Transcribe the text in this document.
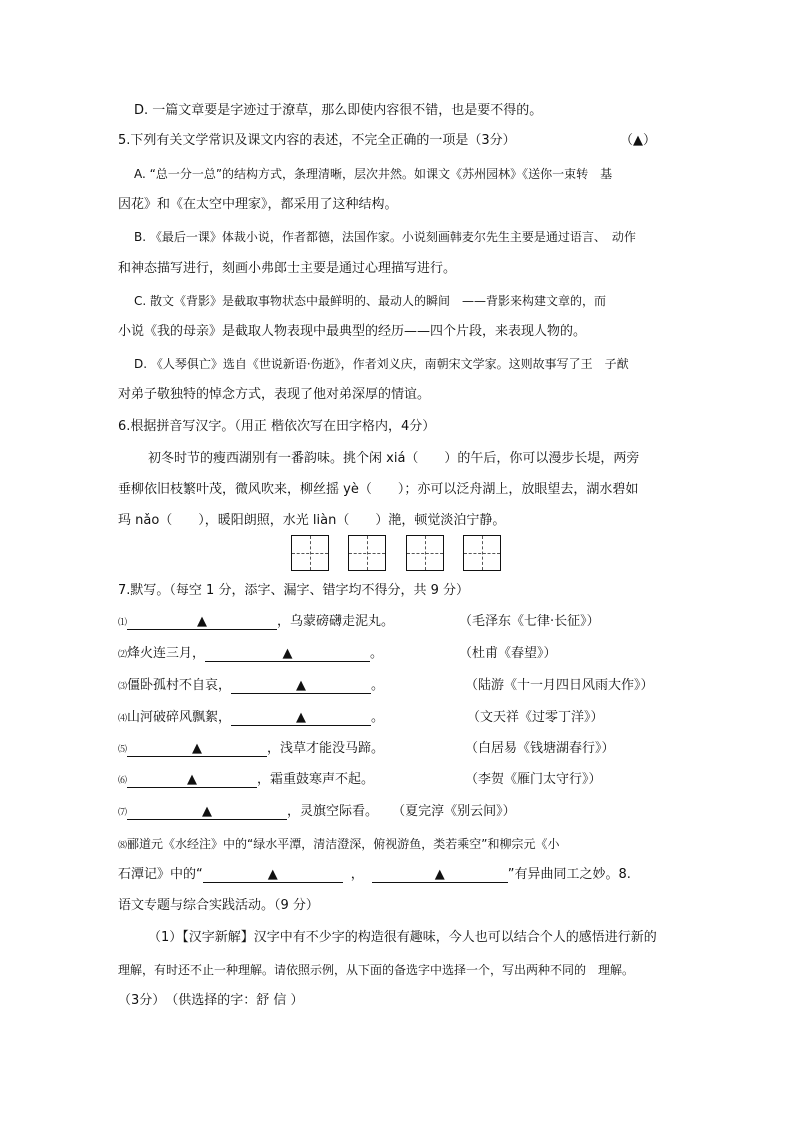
D. 一篇文章要是字迹过于潦草，那么即使内容很不错，也是要不得的。
5.下列有关文学常识及课文内容的表述，不完全正确的一项是（3分）	（▲）
A. “总一分一总”的结构方式，条理清晰，层次井然。如课文《苏州园林》《送你一束转　基
因花》和《在太空中理家》，都采用了这种结构。
B. 《最后一课》体裁小说，作者都德，法国作家。小说刻画韩麦尔先生主要是通过语言、　动作
和神态描写进行，刻画小弗郎士主要是通过心理描写进行。
C. 散文《背影》是截取事物状态中最鲜明的、最动人的瞬间　——背影来构建文章的，而
小说《我的母亲》是截取人物表现中最典型的经历——四个片段，来表现人物的。
D. 《人琴俱亡》选自《世说新语·伤逝》，作者刘义庆，南朝宋文学家。这则故事写了王　子猷
对弟子敬独特的悼念方式，表现了他对弟深厚的情谊。
6.根据拼音写汉字。（用正 楷依次写在田字格内，4分）
初冬时节的瘦西湖别有一番韵味。挑个闲 xiá（　　）的午后，你可以漫步长堤，两旁
垂柳依旧枝繁叶茂，微风吹来，柳丝摇 yè（　　）；亦可以泛舟湖上，放眼望去，湖水碧如
玛 nǎo（　　），暖阳朗照，水光 liàn（　　）滟，顿觉淡泊宁静。
7.默写。（每空 1 分，添字、漏字、错字均不得分，共 9 分）
⑴	▲	，乌蒙磅礴走泥丸。	（毛泽东《七律·长征》）
⑵烽火连三月，	▲	。	（杜甫《春望》）
⑶僵卧孤村不自哀，	▲	。	（陆游《十一月四日风雨大作》）
⑷山河破碎风飘絮，	▲	。	（文天祥《过零丁洋》）
⑸	▲	，浅草才能没马蹄。	（白居易《钱塘湖春行》）
⑹	▲	，霜重鼓寒声不起。	（李贺《雁门太守行》）
⑺	▲	，灵旗空际看。 （夏完淳《别云间》）
⑻郦道元《水经注》中的“绿水平潭，清洁澄深，俯视游鱼，类若乘空”和柳宗元《小
石潭记》中的“	▲	，	▲	”有异曲同工之妙。8.
语文专题与综合实践活动。（9 分）
（1）【汉字新解】汉字中有不少字的构造很有趣味，今人也可以结合个人的感悟进行新的
理解，有时还不止一种理解。请依照示例，从下面的备选字中选择一个，写出两种不同的　理解。
（3分）　（供选择的字：舒 信 ）
